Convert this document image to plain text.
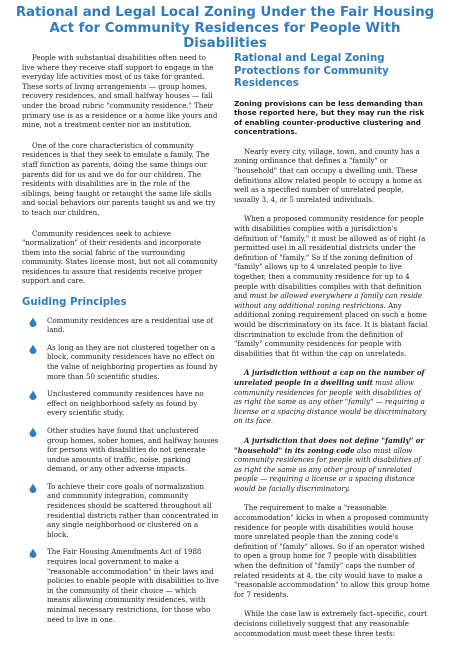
Rational and Legal Local Zoning Under the Fair Housing Act for Community Residences for People With Disabilities

People with substantial disabilities often need to live where they receive staff support to engage in the everyday life activities most of us take for granted. These sorts of living arrangements — group homes, recovery residences, and small halfway houses — fall under the broad rubric "community residence." Their primary use is as a residence or a home like yours and mine, not a treatment center nor an institution.

One of the core characteristics of community residences is that they seek to emulate a family. The staff function as parents, doing the same things our parents did for us and we do for our children. The residents with disabilities are in the role of the siblings, being taught or retaught the same life skills and social behaviors our parents taught us and we try to teach our children.

Community residences seek to achieve "normalization" of their residents and incorporate them into the social fabric of the surrounding community. States license most, but not all community residences to assure that residents receive proper support and care.

Guiding Principles
Community residences are a residential use of land.
As long as they are not clustered together on a block, community residences have no effect on the value of neighboring properties as found by more than 50 scientific studies.
Unclustered community residences have no effect on neighborhood safety as found by every scientific study.
Other studies have found that unclustered group homes, sober homes, and halfway houses for persons with disabilities do not generate undue amounts of traffic, noise, parking demand, or any other adverse impacts.
To achieve their core goals of normalization and community integration, community residences should be scattered throughout all residential districts rather than concentrated in any single neighborhood or clustered on a block.
The Fair Housing Amendments Act of 1988 requires local government to make a "reasonable accommodation" in their laws and policies to enable people with disabilities to live in the community of their choice — which means allowing community residences, with minimal necessary restrictions, for those who need to live in one.
Rational and Legal Zoning Protections for Community Residences
Zoning provisions can be less demanding than those reported here, but they may run the risk of enabling counter-productive clustering and concentrations.

Nearly every city, village, town, and county has a zoning ordinance that defines a "family" or "household" that can occupy a dwelling unit. These definitions allow related people to occupy a home as well as a specified number of unrelated people, usually 3, 4, or 5 unrelated individuals.

When a proposed community residence for people with disabilities complies with a jurisdiction's definition of "family," it must be allowed as of right (a permitted use) in all residential districts under the definition of "family." So if the zoning definition of "family" allows up to 4 unrelated people to live together, then a community residence for up to 4 people with disabilities complies with that definition and must be allowed everywhere a family can reside without any additional zoning restrictions. Any additional zoning requirement placed on such a home would be discriminatory on its face. It is blatant facial discrimination to exclude from the definition of "family" community residences for people with disabilities that fit within the cap on unrelateds.

A jurisdiction without a cap on the number of unrelated people in a dwelling unit must allow community residences for people with disabilities of as right the same as any other "family" — requiring a license or a spacing distance would be discriminatory on its face.

A jurisdiction that does not define "family" or "household" in its zoning code also must allow community residences for people with disabilities of as right the same as any other group of unrelated people — requiring a license or a spacing distance would be facially discriminatory.

The requirement to make a "reasonable accommodation" kicks in when a proposed community residence for people with disabilities would house more unrelated people than the zoning code's definition of "family" allows. So if an operator wished to open a group home for 7 people with disabilities when the definition of "family" caps the number of related residents at 4, the city would have to make a "reasonable accommodation" to allow this group home for 7 residents.

While the case law is extremely fact–specific, court decisions colletively suggest that any reasonable accommodation must meet these three tests:
